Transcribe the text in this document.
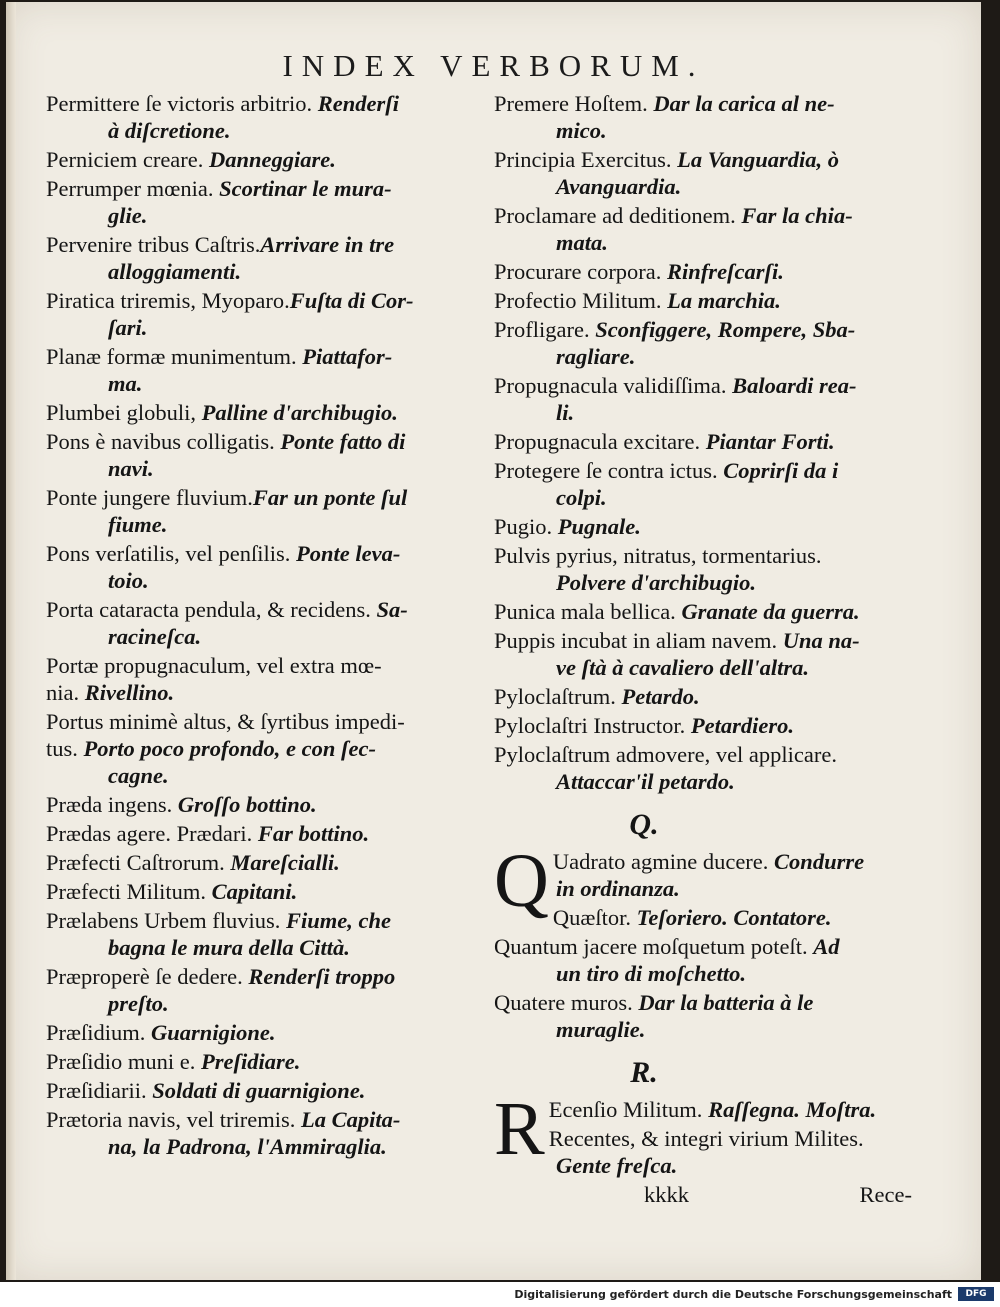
INDEX VERBORUM.
Permittere ſe victoris arbitrio. Renderſi
à diſcretione.
Perniciem creare. Danneggiare.
Perrumper mœnia. Scortinar le mura-
glie.
Pervenire tribus Caſtris.Arrivare in tre
alloggiamenti.
Piratica triremis, Myoparo.Fuſta di Cor-
ſari.
Planæ formæ munimentum. Piattafor-
ma.
Plumbei globuli, Palline d'archibugio.
Pons è navibus colligatis. Ponte fatto di
navi.
Ponte jungere fluvium.Far un ponte ſul
fiume.
Pons verſatilis, vel penſilis. Ponte leva-
toio.
Porta cataracta pendula, & recidens. Sa-
racineſca.
Portæ propugnaculum, vel extra mœ-
nia. Rivellino.
Portus minimè altus, & ſyrtibus impedi-
tus. Porto poco profondo, e con ſec-
cagne.
Præda ingens. Groſſo bottino.
Prædas agere. Prædari. Far bottino.
Præfecti Caſtrorum. Mareſcialli.
Præfecti Militum. Capitani.
Prælabens Urbem fluvius. Fiume, che
bagna le mura della Città.
Præproperè ſe dedere. Renderſi troppo
preſto.
Præſidium. Guarnigione.
Præſidio muni e. Preſidiare.
Præſidiarii. Soldati di guarnigione.
Prætoria navis, vel triremis. La Capita-
na, la Padrona, l'Ammiraglia.
Premere Hoſtem. Dar la carica al ne-
mico.
Principia Exercitus. La Vanguardia, ò
Avanguardia.
Proclamare ad deditionem. Far la chia-
mata.
Procurare corpora. Rinfreſcarſi.
Profectio Militum. La marchia.
Profligare. Sconfiggere, Rompere, Sba-
ragliare.
Propugnacula validiſſima. Baloardi rea-
li.
Propugnacula excitare. Piantar Forti.
Protegere ſe contra ictus. Coprirſi da i
colpi.
Pugio. Pugnale.
Pulvis pyrius, nitratus, tormentarius.
Polvere d'archibugio.
Punica mala bellica. Granate da guerra.
Puppis incubat in aliam navem. Una na-
ve ſtà à cavaliero dell'altra.
Pyloclaſtrum. Petardo.
Pyloclaſtri Instructor. Petardiero.
Pyloclaſtrum admovere, vel applicare.
Attaccar'il petardo.
Q.
Q Uadrato agmine ducere. Condurre
in ordinanza.
Quæſtor. Teſoriero. Contatore.
Quantum jacere moſquetum poteſt. Ad
un tiro di moſchetto.
Quatere muros. Dar la batteria à le
muraglie.
R.
R Ecenſio Militum. Raſſegna. Moſtra.
Recentes, & integri virium Milites.
Gente freſca.
kkkk	Rece-
Digitalisierung gefördert durch die Deutsche Forschungsgemeinschaft	DFG
